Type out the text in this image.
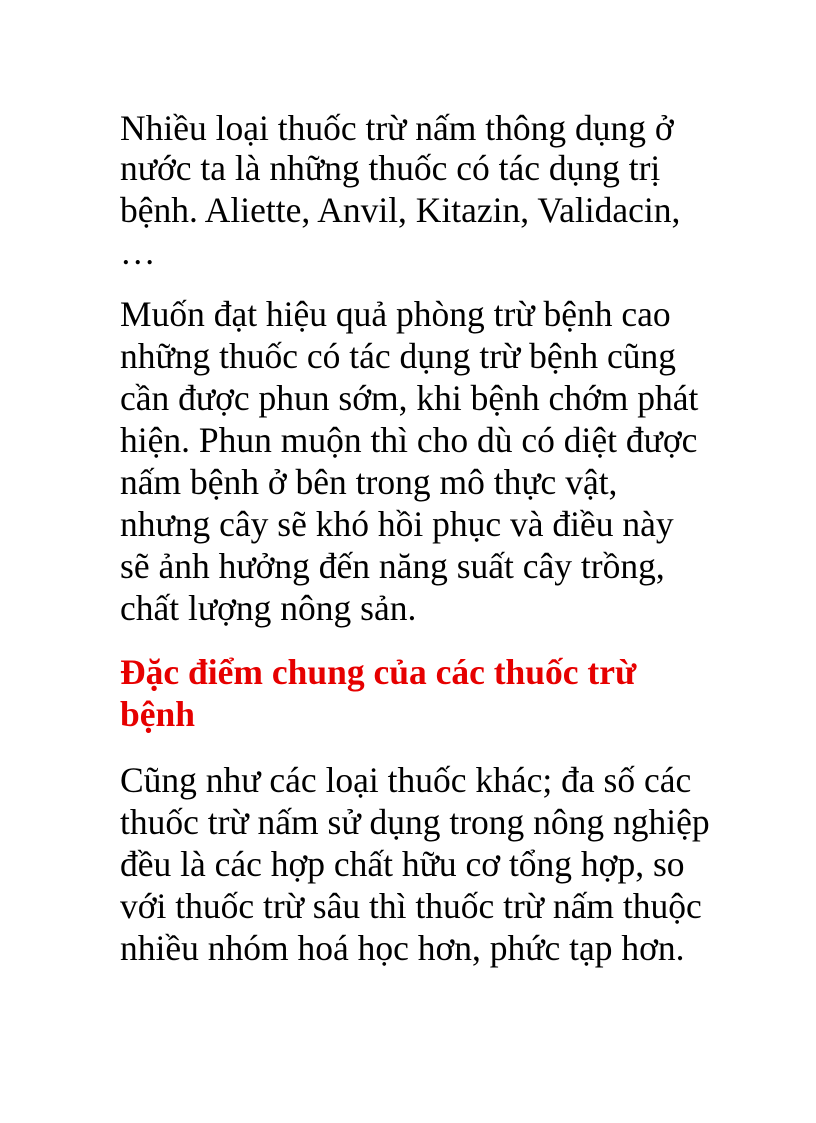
Nhiều loại thuốc trừ nấm thông dụng ở
nước ta là những thuốc có tác dụng trị
bệnh. Aliette, Anvil, Kitazin, Validacin,
…
Muốn đạt hiệu quả phòng trừ bệnh cao
những thuốc có tác dụng trừ bệnh cũng
cần được phun sớm, khi bệnh chớm phát
hiện. Phun muộn thì cho dù có diệt được
nấm bệnh ở bên trong mô thực vật,
nhưng cây sẽ khó hồi phục và điều này
sẽ ảnh hưởng đến năng suất cây trồng,
chất lượng nông sản.
Đặc điểm chung của các thuốc trừ
bệnh
Cũng như các loại thuốc khác; đa số các
thuốc trừ nấm sử dụng trong nông nghiệp
đều là các hợp chất hữu cơ tổng hợp, so
với thuốc trừ sâu thì thuốc trừ nấm thuộc
nhiều nhóm hoá học hơn, phức tạp hơn.
